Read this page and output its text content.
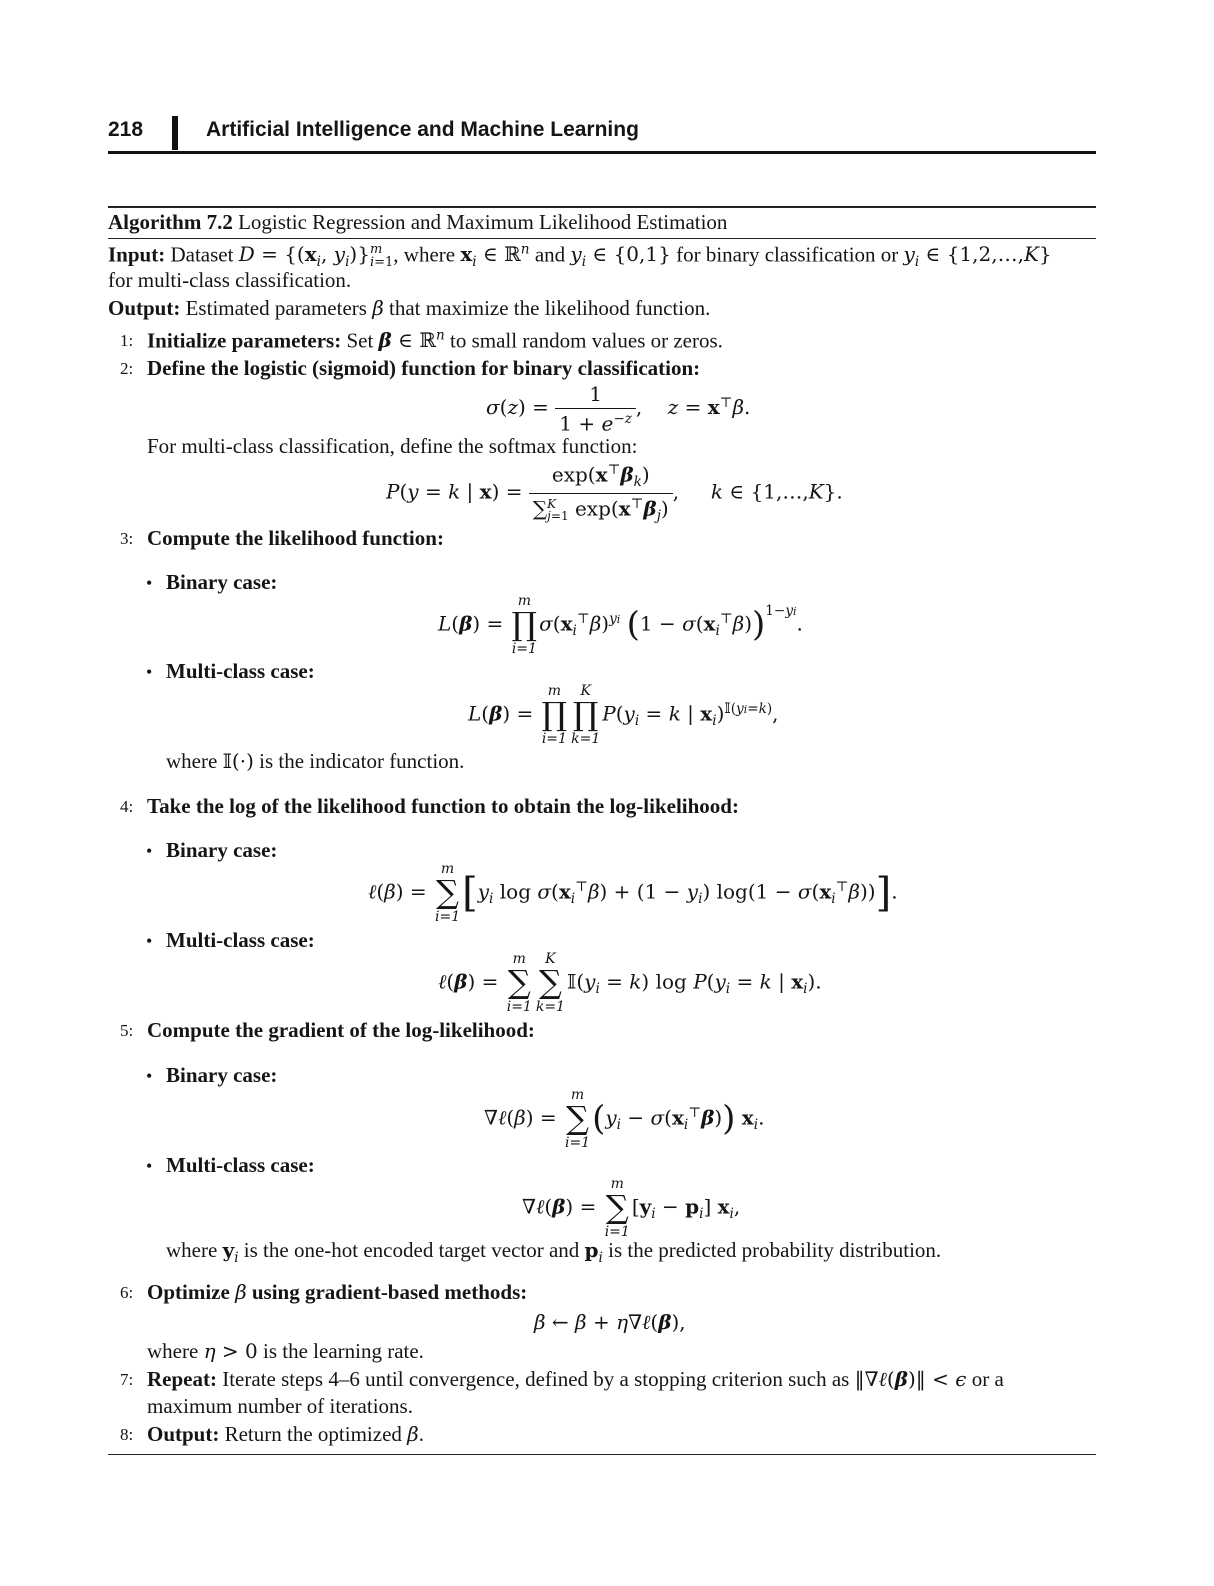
218	Artificial Intelligence and Machine Learning
Algorithm 7.2 Logistic Regression and Maximum Likelihood Estimation
Input: Dataset $D = \{(x_i$, $y_i$)} m
i=1 , where $x_i$ ∈ ℝ$^n$ and $y_i$ ∈ {0,1} for binary classification or $y_i$ ∈ {1,2,…,K}
for multi-class classification.
Output: Estimated parameters β that maximize the likelihood function.
1: Initialize parameters: Set β ∈ ℝ$^n$ to small random values or zeros.
2: Define the logistic (sigmoid) function for binary classification:
$\sigma(z) = \frac{1}{1 + e^{-z}}$ ,    z = x⊤β.
For multi-class classification, define the softmax function:
P(y = k | $x) = \exp(x^⊤\beta_k)$
∑ K
j=1 $\exp(x^⊤\beta_j)$ ,     k ∈ {1,…,K}.
3: Compute the likelihood function:
• Binary case:
L(β) =
m
∏
i=1
$\sigma(x_i^⊤\beta)^{yi}$ $(1 - \sigma(x_i^⊤\beta))^{1-yi}$.
• Multi-class case:
L(β) =
m
∏
i=1
K
∏
k=1
$P(y_i = k$ | $x_i)^{𝕀(yi=k)}$,
where 𝕀(·) is the indicator function.
4: Take the log of the likelihood function to obtain the log-likelihood:
• Binary case:
ℓ(β) =
m
∑
i=1
[$y_i$ $\log \sigma(x_i^⊤\beta) + (1 - y_i) \log(1 - \sigma(x_i^⊤\beta))$].
• Multi-class case:
ℓ(β) =
m
∑
i=1
K
∑
k=1
$𝕀(y_i = k)$ $\log P(y_i = k$ | $x_i$).
5: Compute the gradient of the log-likelihood:
• Binary case:
∇ℓ(β) =
m
∑
i=1
$(y_i - \sigma(x_i^⊤\beta))$ $x_i$.
• Multi-class case:
∇ℓ(β) =
m
∑
i=1
$[y_i - p_i]$ $x_i$,
where $y_i$ is the one-hot encoded target vector and $p_i$ is the predicted probability distribution.
6: Optimize β using gradient-based methods:
β ← β + η∇ℓ(β),
where η > 0 is the learning rate.
7: Repeat: Iterate steps 4–6 until convergence, defined by a stopping criterion such as ‖∇ℓ(β)‖ < ϵ or a
maximum number of iterations.
8: Output: Return the optimized β.
